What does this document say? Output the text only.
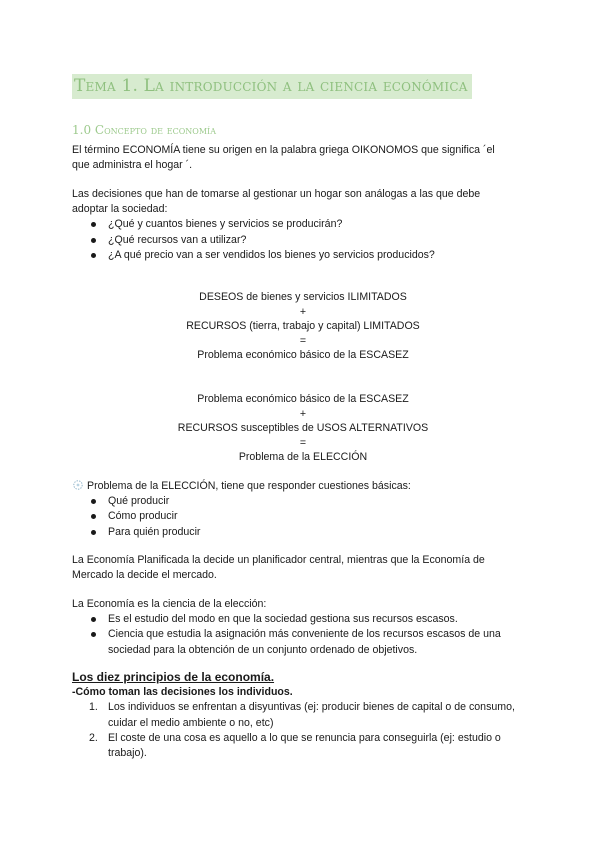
Tema 1. La introducción a la ciencia económica
1.0 Concepto de economía

El término ECONOMÍA tiene su origen en la palabra griega OIKONOMOS que significa ´el

que administra el hogar ´.

Las decisiones que han de tomarse al gestionar un hogar son análogas a las que debe

adoptar la sociedad:

¿Qué y cuantos bienes y servicios se producirán?
¿Qué recursos van a utilizar?
¿A qué precio van a ser vendidos los bienes yo servicios producidos?

DESEOS de bienes y servicios ILIMITADOS

+

RECURSOS (tierra, trabajo y capital) LIMITADOS

=

Problema económico básico de la ESCASEZ

Problema económico básico de la ESCASEZ

+

RECURSOS susceptibles de USOS ALTERNATIVOS

=

Problema de la ELECCIÓN

Problema de la ELECCIÓN, tiene que responder cuestiones básicas:

Qué producir
Cómo producir
Para quién producir

La Economía Planificada la decide un planificador central, mientras que la Economía de

Mercado la decide el mercado.

La Economía es la ciencia de la elección:

Es el estudio del modo en que la sociedad gestiona sus recursos escasos.
Ciencia que estudia la asignación más conveniente de los recursos escasos de una sociedad para la obtención de un conjunto ordenado de objetivos.

Los diez principios de la economía.

-Cómo toman las decisiones los individuos.

1. Los individuos se enfrentan a disyuntivas (ej: producir bienes de capital o de consumo, cuidar el medio ambiente o no, etc)
2. El coste de una cosa es aquello a lo que se renuncia para conseguirla (ej: estudio o trabajo).
